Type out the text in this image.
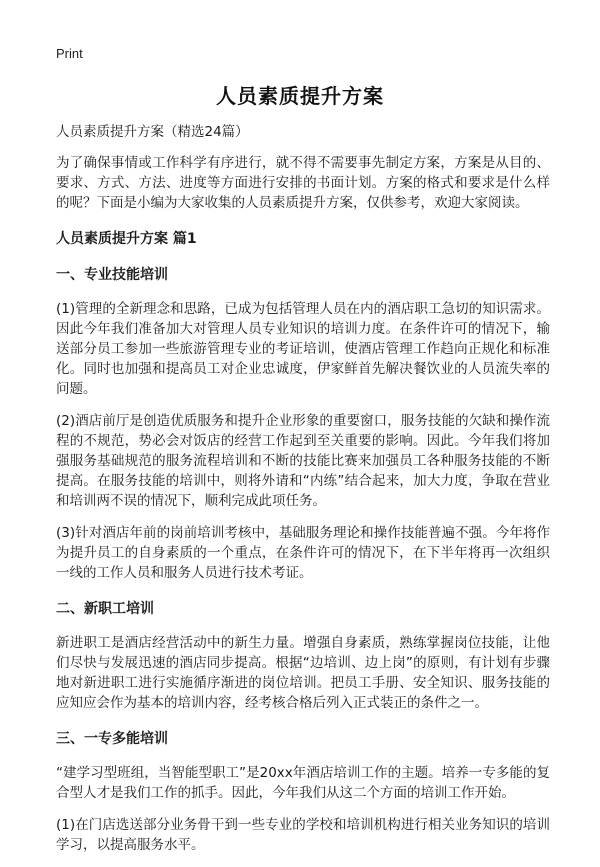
Print
人员素质提升方案

人员素质提升方案（精选24篇）

为了确保事情或工作科学有序进行，就不得不需要事先制定方案，方案是从目的、要求、方式、方法、进度等方面进行安排的书面计划。方案的格式和要求是什么样的呢？下面是小编为大家收集的人员素质提升方案，仅供参考，欢迎大家阅读。

人员素质提升方案 篇1
一、专业技能培训

(1)管理的全新理念和思路，已成为包括管理人员在内的酒店职工急切的知识需求。因此今年我们准备加大对管理人员专业知识的培训力度。在条件许可的情况下，输送部分员工参加一些旅游管理专业的考证培训，使酒店管理工作趋向正规化和标准化。同时也加强和提高员工对企业忠诚度，伊家鲜首先解决餐饮业的人员流失率的问题。

(2)酒店前厅是创造优质服务和提升企业形象的重要窗口，服务技能的欠缺和操作流程的不规范，势必会对饭店的经营工作起到至关重要的影响。因此。今年我们将加强服务基础规范的服务流程培训和不断的技能比赛来加强员工各种服务技能的不断提高。在服务技能的培训中，则将外请和“内练”结合起来，加大力度，争取在营业和培训两不误的情况下，顺利完成此项任务。

(3)针对酒店年前的岗前培训考核中，基础服务理论和操作技能普遍不强。今年将作为提升员工的自身素质的一个重点，在条件许可的情况下，在下半年将再一次组织一线的工作人员和服务人员进行技术考证。

二、新职工培训

新进职工是酒店经营活动中的新生力量。增强自身素质，熟练掌握岗位技能，让他们尽快与发展迅速的酒店同步提高。根据“边培训、边上岗”的原则，有计划有步骤地对新进职工进行实施循序渐进的岗位培训。把员工手册、安全知识、服务技能的应知应会作为基本的培训内容，经考核合格后列入正式装正的条件之一。

三、一专多能培训

“建学习型班组，当智能型职工”是20xx年酒店培训工作的主题。培养一专多能的复合型人才是我们工作的抓手。因此，今年我们从这二个方面的培训工作开始。

(1)在门店选送部分业务骨干到一些专业的学校和培训机构进行相关业务知识的培训学习，以提高服务水平。
